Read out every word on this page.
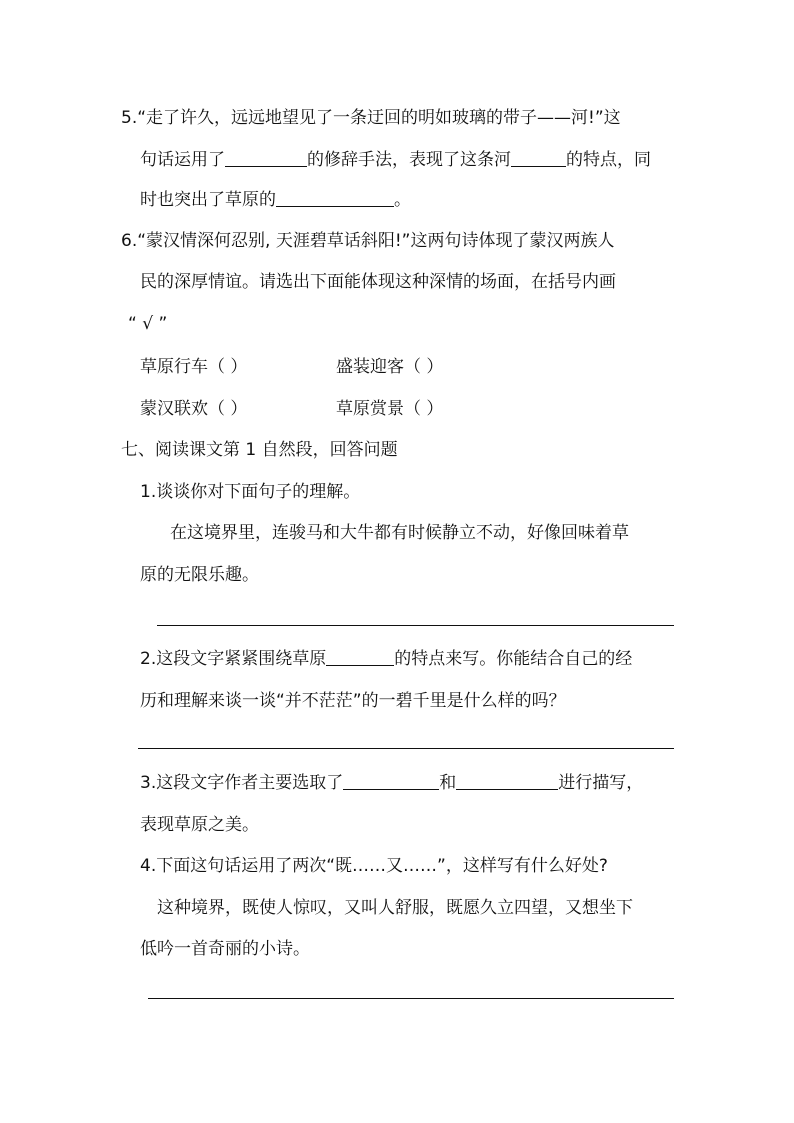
5.“走了许久，远远地望见了一条迂回的明如玻璃的带子——河!”这
句话运用了	的修辞手法，表现了这条河	的特点，同
时也突出了草原的	。
6.“蒙汉情深何忍别, 天涯碧草话斜阳!”这两句诗体现了蒙汉两族人
民的深厚情谊。请选出下面能体现这种深情的场面，在括号内画
“ √ ”
草原行车（ ）	盛装迎客（ ）
蒙汉联欢（ ）	草原赏景（ ）
七、阅读课文第 1 自然段，回答问题
1.谈谈你对下面句子的理解。
在这境界里，连骏马和大牛都有时候静立不动，好像回味着草
原的无限乐趣。
2.这段文字紧紧围绕草原	的特点来写。你能结合自己的经
历和理解来谈一谈“并不茫茫”的一碧千里是什么样的吗？
3.这段文字作者主要选取了	和	进行描写，
表现草原之美。
4.下面这句话运用了两次“既……又……”，这样写有什么好处?
这种境界，既使人惊叹，又叫人舒服，既愿久立四望，又想坐下
低吟一首奇丽的小诗。
